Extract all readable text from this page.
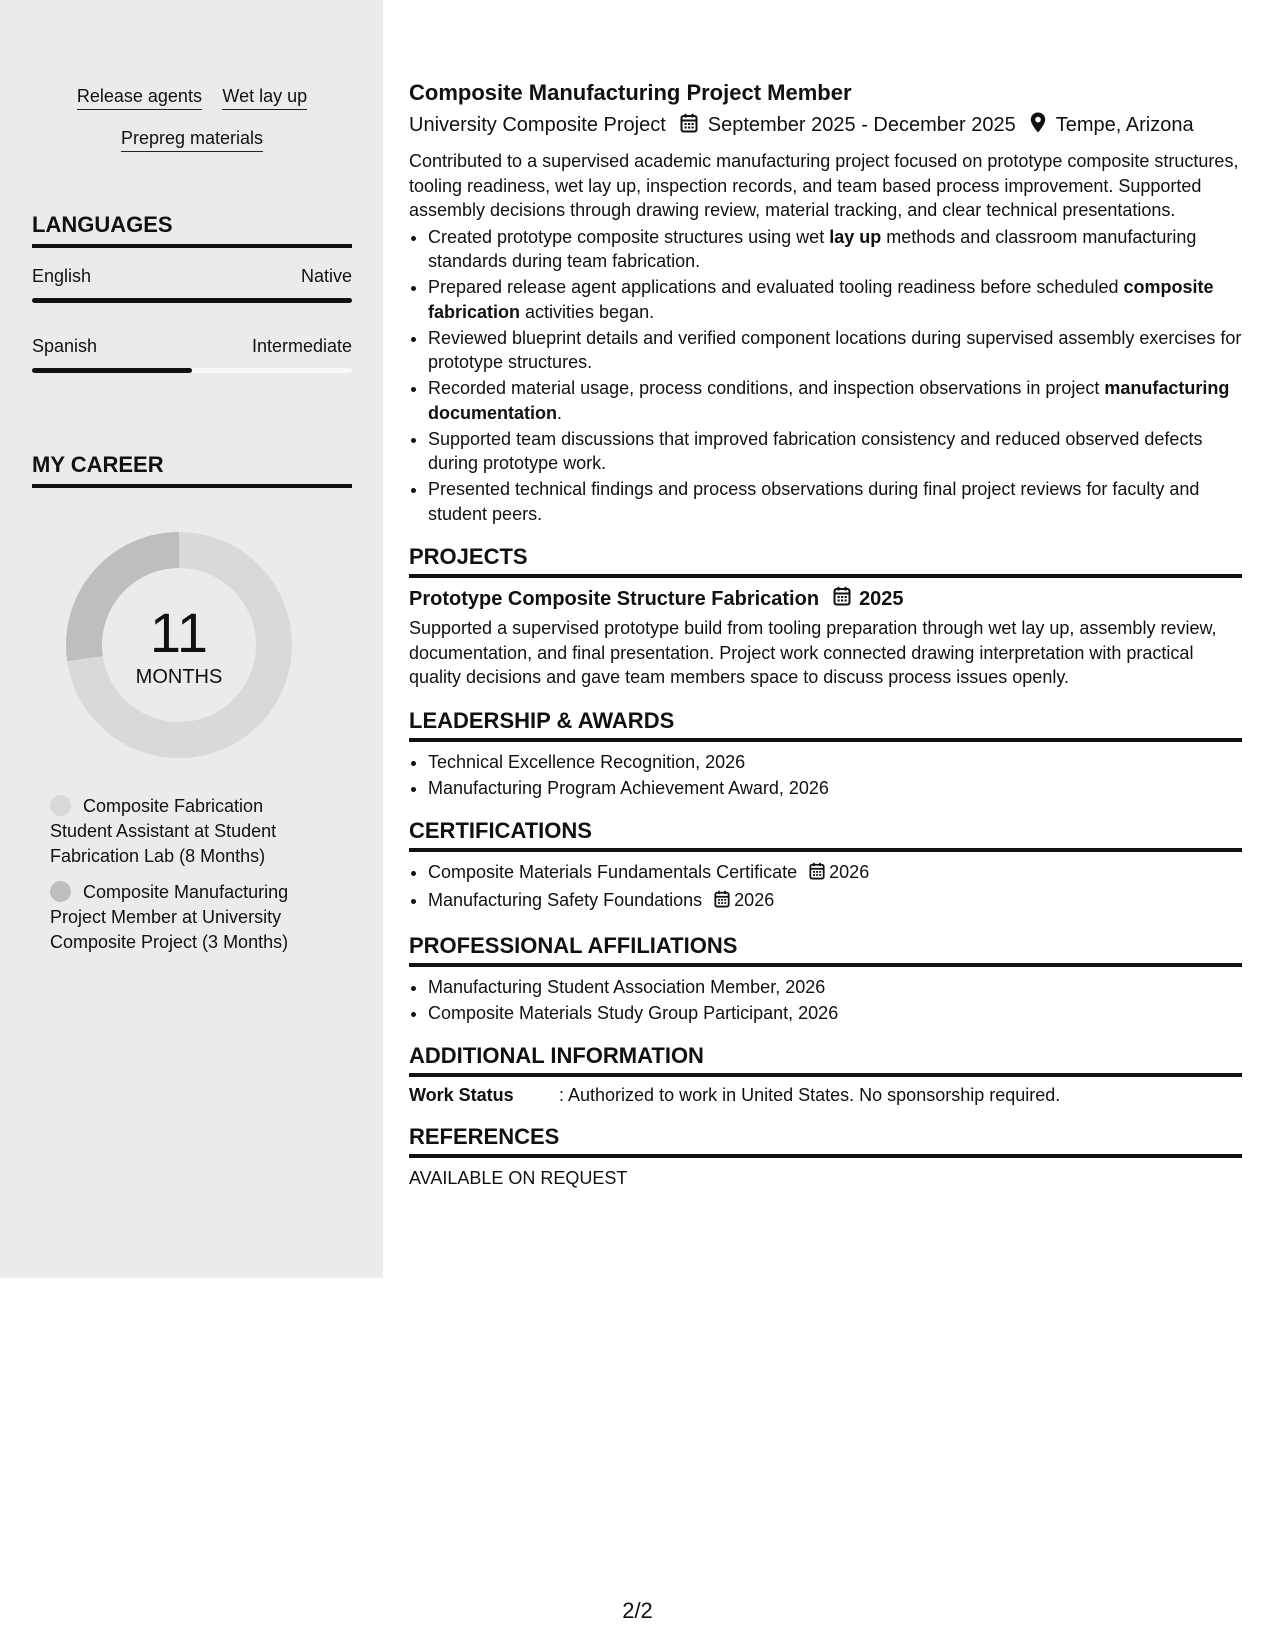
Release agents Wet lay up
Prepreg materials
LANGUAGES
English	Native
Spanish	Intermediate
MY CAREER
11
MONTHS
Composite Fabrication Student Assistant at Student Fabrication Lab (8 Months)
Composite Manufacturing Project Member at University Composite Project (3 Months)
Composite Manufacturing Project Member
University Composite Project September 2025 - December 2025 Tempe, Arizona
Contributed to a supervised academic manufacturing project focused on prototype composite structures, tooling readiness, wet lay up, inspection records, and team based process improvement. Supported assembly decisions through drawing review, material tracking, and clear technical presentations.
• Created prototype composite structures using wet lay up methods and classroom manufacturing standards during team fabrication.
• Prepared release agent applications and evaluated tooling readiness before scheduled composite fabrication activities began.
• Reviewed blueprint details and verified component locations during supervised assembly exercises for prototype structures.
• Recorded material usage, process conditions, and inspection observations in project manufacturing documentation.
• Supported team discussions that improved fabrication consistency and reduced observed defects during prototype work.
• Presented technical findings and process observations during final project reviews for faculty and student peers.
PROJECTS
Prototype Composite Structure Fabrication 2025
Supported a supervised prototype build from tooling preparation through wet lay up, assembly review, documentation, and final presentation. Project work connected drawing interpretation with practical quality decisions and gave team members space to discuss process issues openly.
LEADERSHIP & AWARDS
• Technical Excellence Recognition, 2026
• Manufacturing Program Achievement Award, 2026
CERTIFICATIONS
• Composite Materials Fundamentals Certificate 2026
• Manufacturing Safety Foundations 2026
PROFESSIONAL AFFILIATIONS
• Manufacturing Student Association Member, 2026
• Composite Materials Study Group Participant, 2026
ADDITIONAL INFORMATION
Work Status	: Authorized to work in United States. No sponsorship required.
REFERENCES
AVAILABLE ON REQUEST
2/2
